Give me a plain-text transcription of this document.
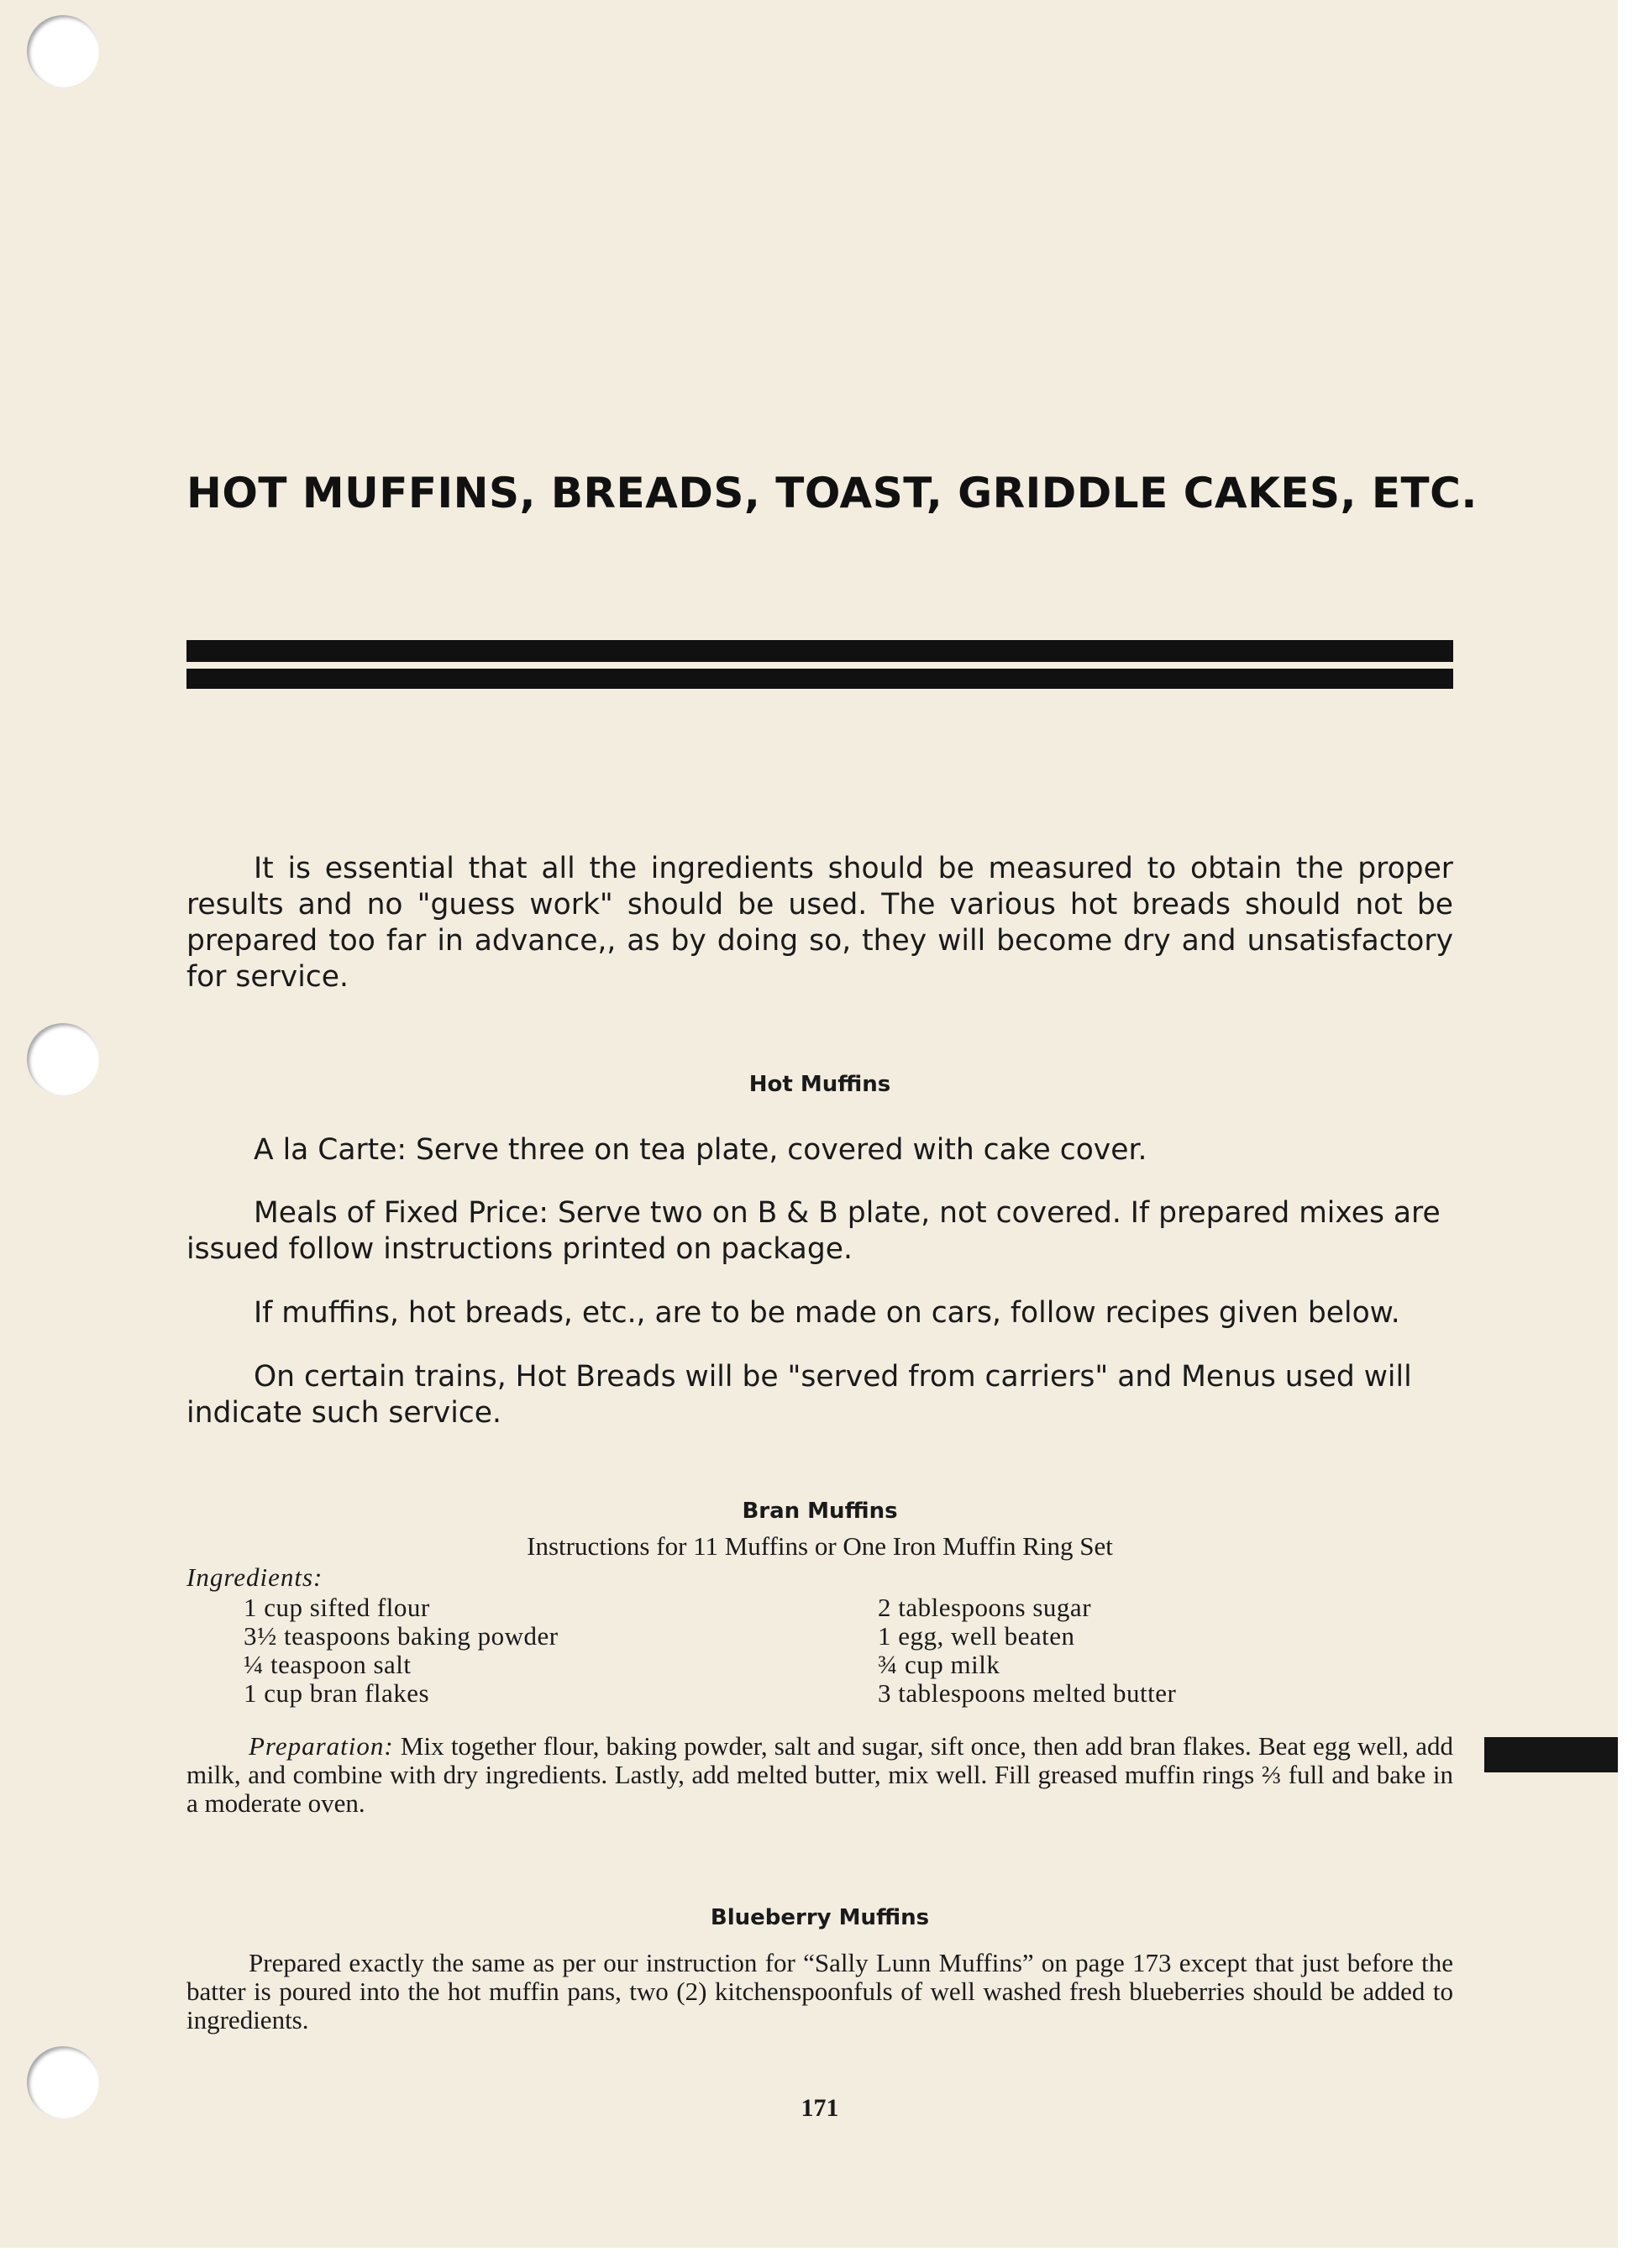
HOT MUFFINS, BREADS, TOAST, GRIDDLE CAKES, ETC.
It is essential that all the ingredients should be measured to obtain the proper results and no "guess work" should be used. The various hot breads should not be prepared too far in advance,, as by doing so, they will become dry and unsatisfactory for service.
Hot Muffins
A la Carte: Serve three on tea plate, covered with cake cover.
Meals of Fixed Price: Serve two on B & B plate, not covered. If prepared mixes are issued follow instructions printed on package.
If muffins, hot breads, etc., are to be made on cars, follow recipes given below.
On certain trains, Hot Breads will be "served from carriers" and Menus used will indicate such service.
Bran Muffins
Instructions for 11 Muffins or One Iron Muffin Ring Set
Ingredients:
1 cup sifted flour
3½ teaspoons baking powder
¼ teaspoon salt
1 cup bran flakes
2 tablespoons sugar
1 egg, well beaten
¾ cup milk
3 tablespoons melted butter
Preparation: Mix together flour, baking powder, salt and sugar, sift once, then add bran flakes. Beat egg well, add milk, and combine with dry ingredients. Lastly, add melted butter, mix well. Fill greased muffin rings ⅔ full and bake in a moderate oven.
Blueberry Muffins
Prepared exactly the same as per our instruction for “Sally Lunn Muffins” on page 173 except that just before the batter is poured into the hot muffin pans, two (2) kitchenspoonfuls of well washed fresh blueberries should be added to ingredients.
171
